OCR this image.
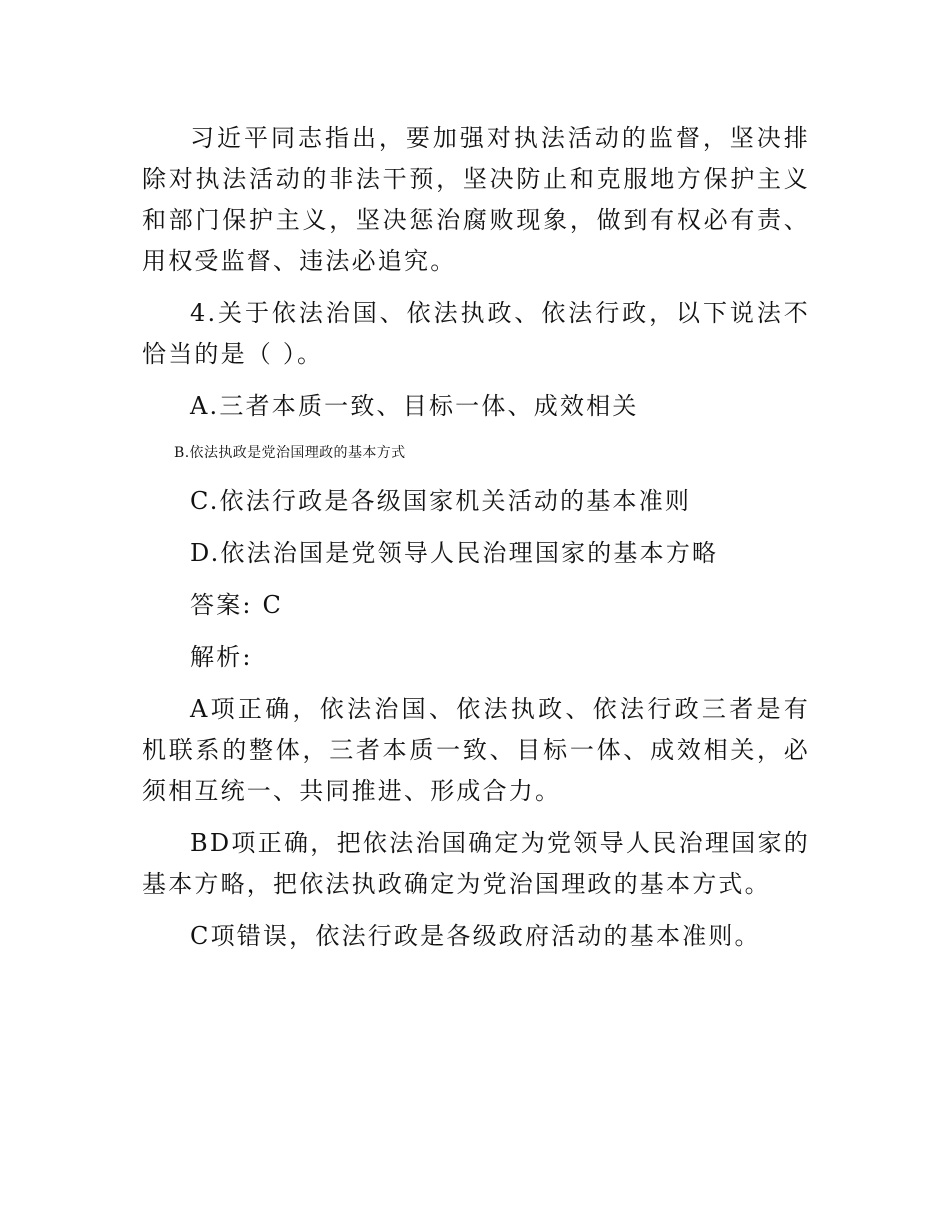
习近平同志指出，要加强对执法活动的监督，坚决排除对执法活动的非法干预，坚决防止和克服地方保护主义和部门保护主义，坚决惩治腐败现象，做到有权必有责、用权受监督、违法必追究。

4.关于依法治国、依法执政、依法行政，以下说法不恰当的是（ ）。

A.三者本质一致、目标一体、成效相关

B.依法执政是党治国理政的基本方式

C.依法行政是各级国家机关活动的基本准则

D.依法治国是党领导人民治理国家的基本方略

答案: C

解析:

A项正确，依法治国、依法执政、依法行政三者是有机联系的整体，三者本质一致、目标一体、成效相关，必须相互统一、共同推进、形成合力。

BD项正确，把依法治国确定为党领导人民治理国家的基本方略，把依法执政确定为党治国理政的基本方式。

C项错误，依法行政是各级政府活动的基本准则。
